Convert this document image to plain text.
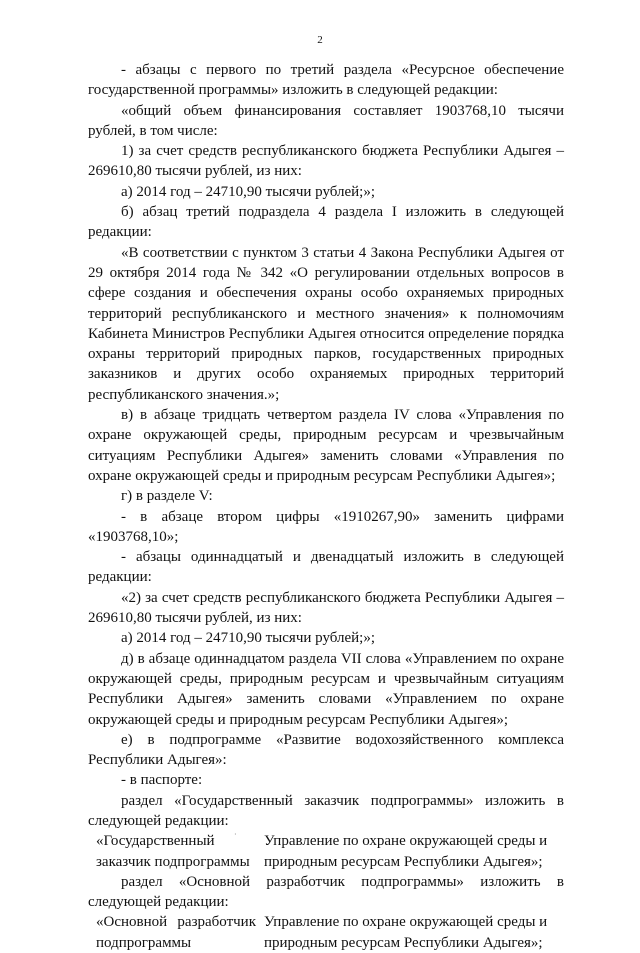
2

- абзацы с первого по третий раздела «Ресурсное обеспечение государственной программы» изложить в следующей редакции:

«общий объем финансирования составляет 1903768,10 тысячи рублей, в том числе:

1) за счет средств республиканского бюджета Республики Адыгея – 269610,80 тысячи рублей, из них:

а) 2014 год – 24710,90 тысячи рублей;»;

б) абзац третий подраздела 4 раздела I изложить в следующей редакции:

«В соответствии с пунктом 3 статьи 4 Закона Республики Адыгея от 29 октября 2014 года № 342 «О регулировании отдельных вопросов в сфере создания и обеспечения охраны особо охраняемых природных территорий республиканского и местного значения» к полномочиям Кабинета Министров Республики Адыгея относится определение порядка охраны территорий природных парков, государственных природных заказников и других особо охраняемых природных территорий республиканского значения.»;

в) в абзаце тридцать четвертом раздела IV слова «Управления по охране окружающей среды, природным ресурсам и чрезвычайным ситуациям Республики Адыгея» заменить словами «Управления по охране окружающей среды и природным ресурсам Республики Адыгея»;

г) в разделе V:

- в абзаце втором цифры «1910267,90» заменить цифрами «1903768,10»;

- абзацы одиннадцатый и двенадцатый изложить в следующей редакции:

«2) за счет средств республиканского бюджета Республики Адыгея – 269610,80 тысячи рублей, из них:

а) 2014 год – 24710,90 тысячи рублей;»;

д) в абзаце одиннадцатом раздела VII слова «Управлением по охране окружающей среды, природным ресурсам и чрезвычайным ситуациям Республики Адыгея» заменить словами «Управлением по охране окружающей среды и природным ресурсам Республики Адыгея»;

е) в подпрограмме «Развитие водохозяйственного комплекса Республики Адыгея»:

- в паспорте:

раздел «Государственный заказчик подпрограммы» изложить в следующей редакции:

«Государственный заказчик подпрограммы
Управление по охране окружающей среды и природным ресурсам Республики Адыгея»;

раздел «Основной разработчик подпрограммы» изложить в следующей редакции:

«Основной разработчик подпрограммы
Управление по охране окружающей среды и природным ресурсам Республики Адыгея»;
·
